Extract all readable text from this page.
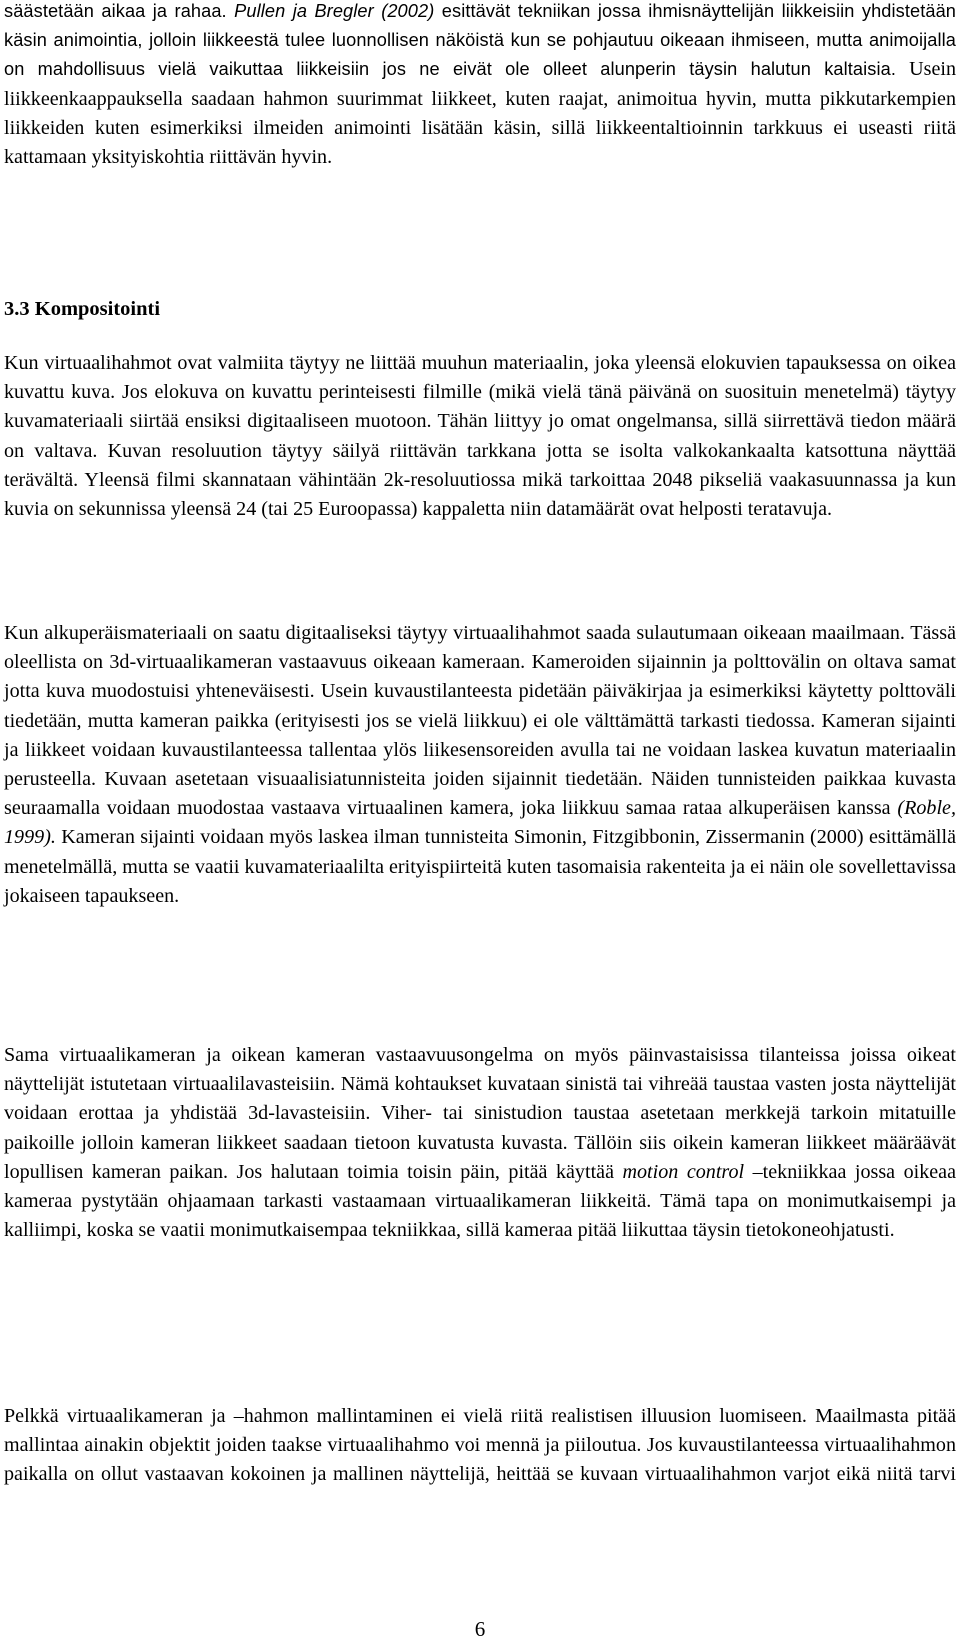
säästetään aikaa ja rahaa. Pullen ja Bregler (2002) esittävät tekniikan jossa ihmisnäyttelijän liikkeisiin yhdistetään käsin animointia, jolloin liikkeestä tulee luonnollisen näköistä kun se pohjautuu oikeaan ihmiseen, mutta animoijalla on mahdollisuus vielä vaikuttaa liikkeisiin jos ne eivät ole olleet alunperin täysin halutun kaltaisia. Usein liikkeenkaappauksella saadaan hahmon suurimmat liikkeet, kuten raajat, animoitua hyvin, mutta pikkutarkempien liikkeiden kuten esimerkiksi ilmeiden animointi lisätään käsin, sillä liikkeentaltioinnin tarkkuus ei useasti riitä kattamaan yksityiskohtia riittävän hyvin.

3.3 Kompositointi

Kun virtuaalihahmot ovat valmiita täytyy ne liittää muuhun materiaalin, joka yleensä elokuvien tapauksessa on oikea kuvattu kuva. Jos elokuva on kuvattu perinteisesti filmille (mikä vielä tänä päivänä on suosituin menetelmä) täytyy kuvamateriaali siirtää ensiksi digitaaliseen muotoon. Tähän liittyy jo omat ongelmansa, sillä siirrettävä tiedon määrä on valtava. Kuvan resoluution täytyy säilyä riittävän tarkkana jotta se isolta valkokankaalta katsottuna näyttää terävältä. Yleensä filmi skannataan vähintään 2k-resoluutiossa mikä tarkoittaa 2048 pikseliä vaakasuunnassa ja kun kuvia on sekunnissa yleensä 24 (tai 25 Euroopassa) kappaletta niin datamäärät ovat helposti teratavuja.

Kun alkuperäismateriaali on saatu digitaaliseksi täytyy virtuaalihahmot saada sulautumaan oikeaan maailmaan. Tässä oleellista on 3d-virtuaalikameran vastaavuus oikeaan kameraan. Kameroiden sijainnin ja polttovälin on oltava samat jotta kuva muodostuisi yhteneväisesti. Usein kuvaustilanteesta pidetään päiväkirjaa ja esimerkiksi käytetty polttoväli tiedetään, mutta kameran paikka (erityisesti jos se vielä liikkuu) ei ole välttämättä tarkasti tiedossa. Kameran sijainti ja liikkeet voidaan kuvaustilanteessa tallentaa ylös liikesensoreiden avulla tai ne voidaan laskea kuvatun materiaalin perusteella. Kuvaan asetetaan visuaalisiatunnisteita joiden sijainnit tiedetään. Näiden tunnisteiden paikkaa kuvasta seuraamalla voidaan muodostaa vastaava virtuaalinen kamera, joka liikkuu samaa rataa alkuperäisen kanssa (Roble, 1999). Kameran sijainti voidaan myös laskea ilman tunnisteita Simonin, Fitzgibbonin, Zissermanin (2000) esittämällä menetelmällä, mutta se vaatii kuvamateriaalilta erityispiirteitä kuten tasomaisia rakenteita ja ei näin ole sovellettavissa jokaiseen tapaukseen.

Sama virtuaalikameran ja oikean kameran vastaavuusongelma on myös päinvastaisissa tilanteissa joissa oikeat näyttelijät istutetaan virtuaalilavasteisiin. Nämä kohtaukset kuvataan sinistä tai vihreää taustaa vasten josta näyttelijät voidaan erottaa ja yhdistää 3d-lavasteisiin. Viher- tai sinistudion taustaa asetetaan merkkejä tarkoin mitatuille paikoille jolloin kameran liikkeet saadaan tietoon kuvatusta kuvasta. Tällöin siis oikein kameran liikkeet määräävät lopullisen kameran paikan. Jos halutaan toimia toisin päin, pitää käyttää motion control –tekniikkaa jossa oikeaa kameraa pystytään ohjaamaan tarkasti vastaamaan virtuaalikameran liikkeitä. Tämä tapa on monimutkaisempi ja kalliimpi, koska se vaatii monimutkaisempaa tekniikkaa, sillä kameraa pitää liikuttaa täysin tietokoneohjatusti.

Pelkkä virtuaalikameran ja –hahmon mallintaminen ei vielä riitä realistisen illuusion luomiseen. Maailmasta pitää mallintaa ainakin objektit joiden taakse virtuaalihahmo voi mennä ja piiloutua. Jos kuvaustilanteessa virtuaalihahmon paikalla on ollut vastaavan kokoinen ja mallinen näyttelijä, heittää se kuvaan virtuaalihahmon varjot eikä niitä tarvi

6
